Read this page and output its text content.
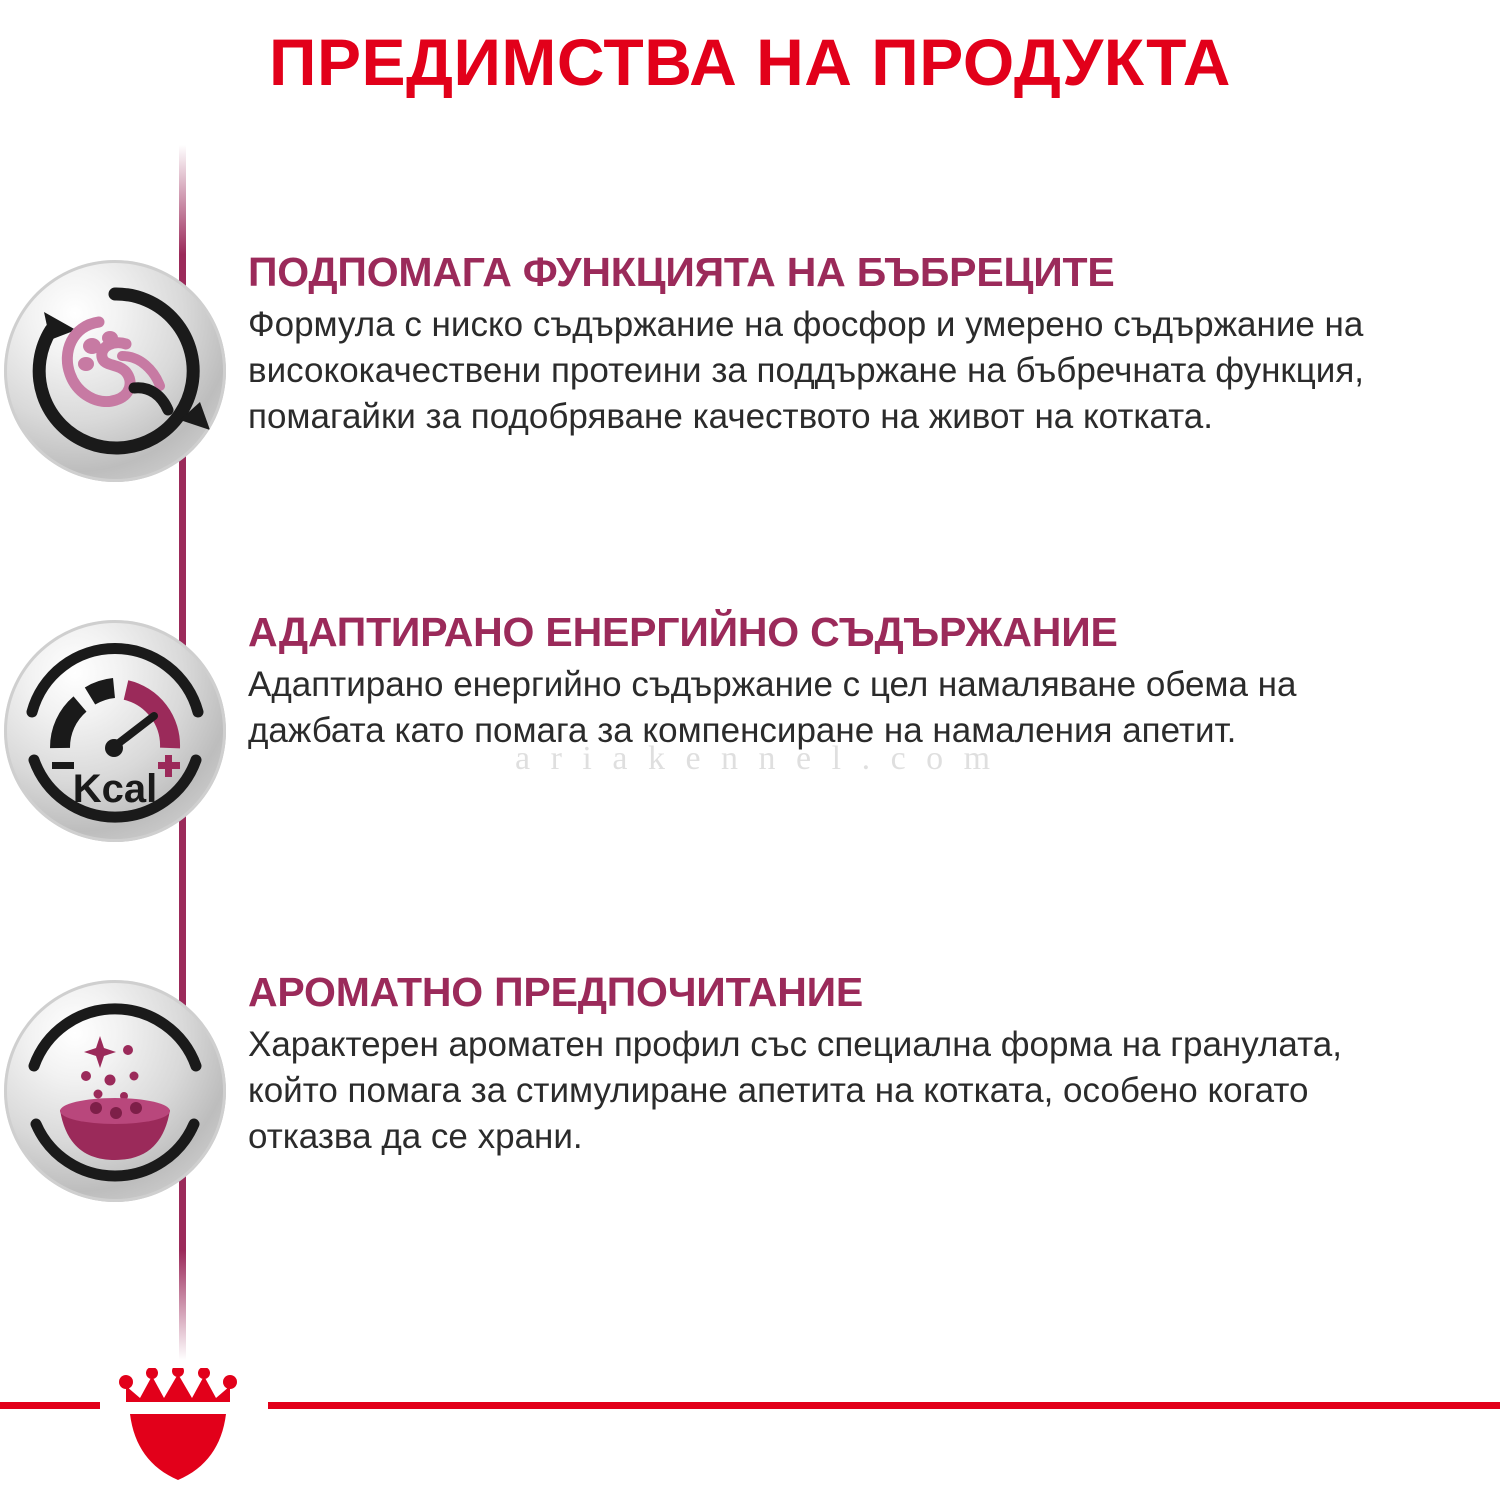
ПРЕДИМСТВА НА ПРОДУКТА

ПОДПОМАГА ФУНКЦИЯТА НА БЪБРЕЦИТЕ

Формула с ниско съдържание на фосфор и умерено съдържание на висококачествени протеини за поддържане на бъбречната функция, помагайки за подобряване качеството на живот на котката.

Kcal

АДАПТИРАНО ЕНЕРГИЙНО СЪДЪРЖАНИЕ

Адаптирано енергийно съдържание с цел намаляване обема на дажбата като помага за компенсиране на намаления апетит.

АРОМАТНО ПРЕДПОЧИТАНИЕ

Характерен ароматен профил със специална форма на гранулата, който помага за стимулиране апетита на котката, особено когато отказва да се храни.

a r i a k e n n e l . c o m
